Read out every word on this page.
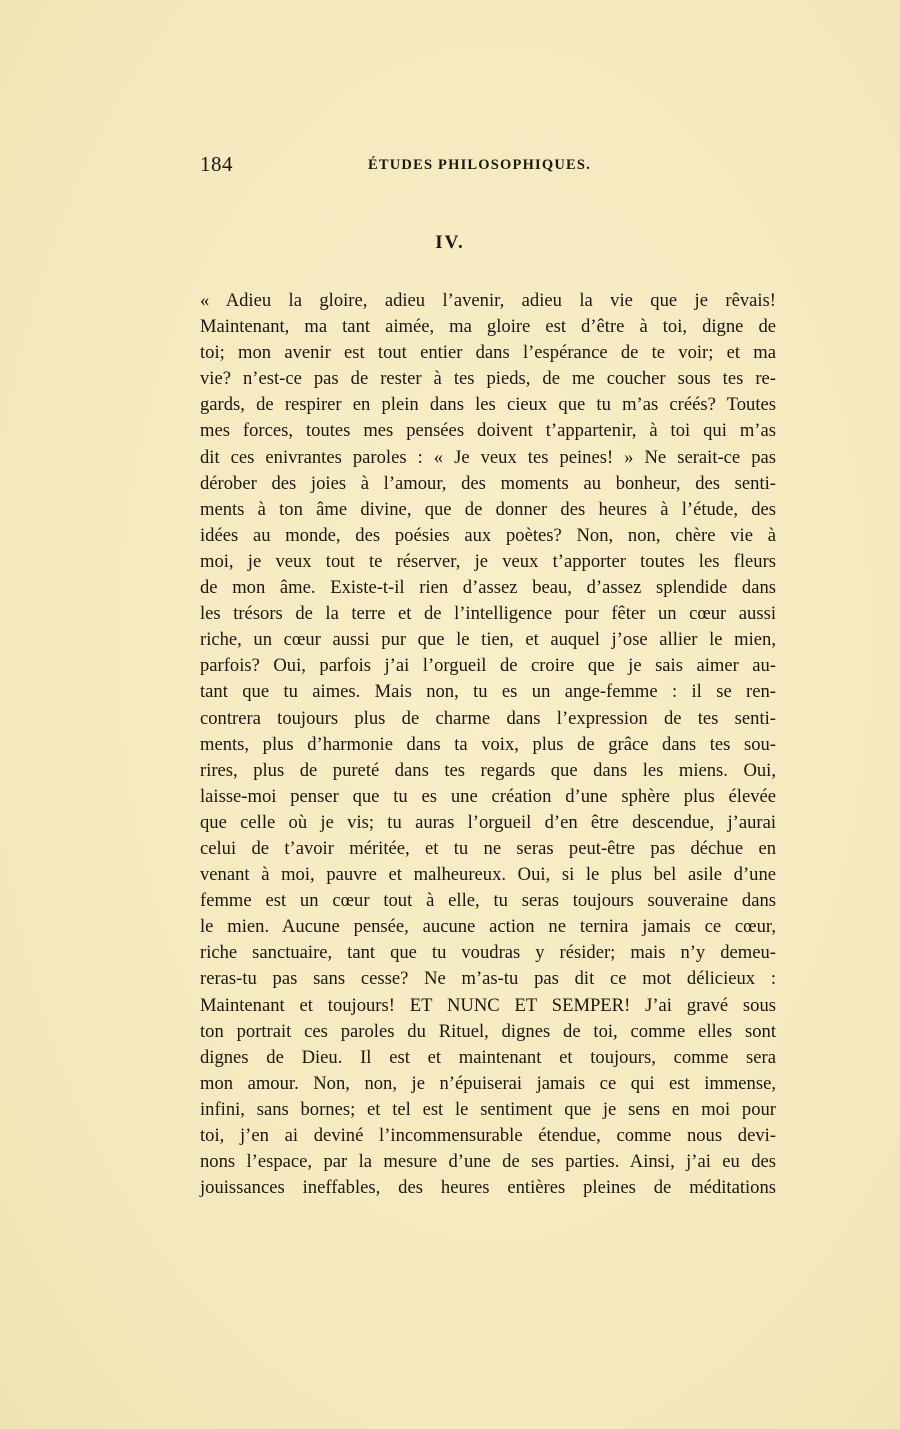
184	ÉTUDES PHILOSOPHIQUES.
IV.
« Adieu la gloire, adieu l’avenir, adieu la vie que je rêvais!
Maintenant, ma tant aimée, ma gloire est d’être à toi, digne de
toi; mon avenir est tout entier dans l’espérance de te voir; et ma
vie? n’est-ce pas de rester à tes pieds, de me coucher sous tes re-
gards, de respirer en plein dans les cieux que tu m’as créés? Toutes
mes forces, toutes mes pensées doivent t’appartenir, à toi qui m’as
dit ces enivrantes paroles : « Je veux tes peines! » Ne serait-ce pas
dérober des joies à l’amour, des moments au bonheur, des senti-
ments à ton âme divine, que de donner des heures à l’étude, des
idées au monde, des poésies aux poètes? Non, non, chère vie à
moi, je veux tout te réserver, je veux t’apporter toutes les fleurs
de mon âme. Existe-t-il rien d’assez beau, d’assez splendide dans
les trésors de la terre et de l’intelligence pour fêter un cœur aussi
riche, un cœur aussi pur que le tien, et auquel j’ose allier le mien,
parfois? Oui, parfois j’ai l’orgueil de croire que je sais aimer au-
tant que tu aimes. Mais non, tu es un ange-femme : il se ren-
contrera toujours plus de charme dans l’expression de tes senti-
ments, plus d’harmonie dans ta voix, plus de grâce dans tes sou-
rires, plus de pureté dans tes regards que dans les miens. Oui,
laisse-moi penser que tu es une création d’une sphère plus élevée
que celle où je vis; tu auras l’orgueil d’en être descendue, j’aurai
celui de t’avoir méritée, et tu ne seras peut-être pas déchue en
venant à moi, pauvre et malheureux. Oui, si le plus bel asile d’une
femme est un cœur tout à elle, tu seras toujours souveraine dans
le mien. Aucune pensée, aucune action ne ternira jamais ce cœur,
riche sanctuaire, tant que tu voudras y résider; mais n’y demeu-
reras-tu pas sans cesse? Ne m’as-tu pas dit ce mot délicieux :
Maintenant et toujours! ET NUNC ET SEMPER! J’ai gravé sous
ton portrait ces paroles du Rituel, dignes de toi, comme elles sont
dignes de Dieu. Il est et maintenant et toujours, comme sera
mon amour. Non, non, je n’épuiserai jamais ce qui est immense,
infini, sans bornes; et tel est le sentiment que je sens en moi pour
toi, j’en ai deviné l’incommensurable étendue, comme nous devi-
nons l’espace, par la mesure d’une de ses parties. Ainsi, j’ai eu des
jouissances ineffables, des heures entières pleines de méditations
